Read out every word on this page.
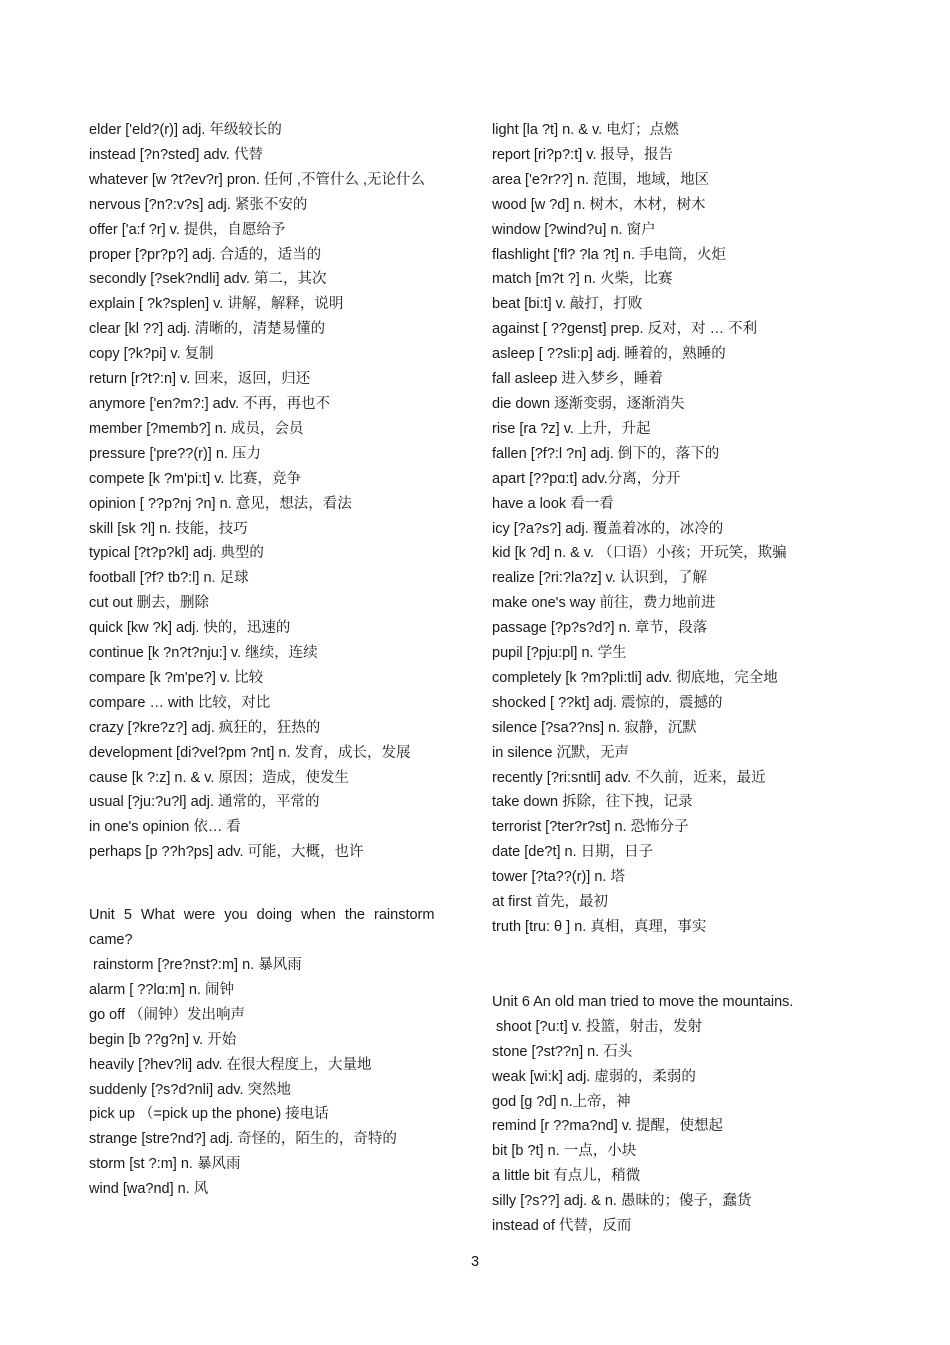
elder ['eld?(r)] adj. 年级较长的
instead [?n?sted] adv. 代替
whatever [w ?t?ev?r] pron. 任何 ,不管什么 ,无论什么
nervous [?n?:v?s] adj. 紧张不安的
offer ['a:f ?r] v. 提供，自愿给予
proper [?pr?p?] adj. 合适的，适当的
secondly [?sek?ndli] adv. 第二，其次
explain [ ?k?splen] v. 讲解，解释，说明
clear [kl ??] adj. 清晰的，清楚易懂的
copy [?k?pi] v. 复制
return [r?t?:n] v. 回来，返回，归还
anymore ['en?m?:] adv. 不再，再也不
member [?memb?] n. 成员，会员
pressure ['pre??(r)] n. 压力
compete [k ?m'pi:t] v. 比赛，竞争
opinion [ ??p?nj ?n] n. 意见，想法，看法
skill [sk ?l] n. 技能，技巧
typical [?t?p?kl] adj. 典型的
football [?f? tb?:l] n. 足球
cut out 删去，删除
quick [kw ?k] adj. 快的，迅速的
continue [k ?n?t?nju:] v. 继续，连续
compare [k ?m'pe?] v. 比较
compare … with 比较，对比
crazy [?kre?z?] adj. 疯狂的，狂热的
development [di?vel?pm ?nt] n. 发育，成长，发展
cause [k ?:z] n. & v. 原因；造成，使发生
usual [?ju:?u?l] adj. 通常的，平常的
in one's opinion 依… 看
perhaps [p ??h?ps] adv. 可能，大概，也许
Unit 5 What were you doing when the rainstorm came?
rainstorm [?re?nst?:m] n. 暴风雨
alarm [ ??lɑ:m] n. 闹钟
go off （闹钟）发出响声
begin [b ??g?n] v. 开始
heavily [?hev?li] adv. 在很大程度上，大量地
suddenly [?s?d?nli] adv. 突然地
pick up （=pick up the phone) 接电话
strange [stre?nd?] adj. 奇怪的，陌生的，奇特的
storm [st ?:m] n. 暴风雨
wind [wa?nd] n. 风
light [la ?t] n. & v. 电灯；点燃
report [ri?p?:t] v. 报导，报告
area ['e?r??] n. 范围，地域，地区
wood [w ?d] n. 树木，木材，树木
window [?wind?u] n. 窗户
flashlight ['fl? ?la ?t] n. 手电筒，火炬
match [m?t ?] n. 火柴，比赛
beat [bi:t] v. 敲打，打败
against [ ??genst] prep. 反对，对 … 不利
asleep [ ??sli:p] adj. 睡着的，熟睡的
fall asleep 进入梦乡，睡着
die down 逐渐变弱，逐渐消失
rise [ra ?z] v. 上升，升起
fallen [?f?:l ?n] adj. 倒下的，落下的
apart [??pɑ:t] adv.分离，分开
have a look 看一看
icy [?a?s?] adj. 覆盖着冰的，冰冷的
kid [k ?d] n. & v. （口语）小孩；开玩笑，欺骗
realize [?ri:?la?z] v. 认识到，了解
make one's way 前往，费力地前进
passage [?p?s?d?] n. 章节，段落
pupil [?pju:pl] n. 学生
completely [k ?m?pli:tli] adv. 彻底地，完全地
shocked [ ??kt] adj. 震惊的，震撼的
silence [?sa??ns] n. 寂静，沉默
in silence 沉默，无声
recently [?ri:sntli] adv. 不久前，近来，最近
take down 拆除，往下拽，记录
terrorist [?ter?r?st] n. 恐怖分子
date [de?t] n. 日期，日子
tower [?ta??(r)] n. 塔
at first 首先，最初
truth [tru: θ ] n. 真相，真理，事实
Unit 6 An old man tried to move the mountains.
shoot [?u:t] v. 投篮，射击，发射
stone [?st??n] n. 石头
weak [wi:k] adj. 虚弱的，柔弱的
god [ɡ ?d] n.上帝，神
remind [r ??ma?nd] v. 提醒，使想起
bit [b ?t] n. 一点，小块
a little bit 有点儿，稍微
silly [?s??] adj. & n. 愚昧的；傻子，蠢货
instead of 代替，反而
3
